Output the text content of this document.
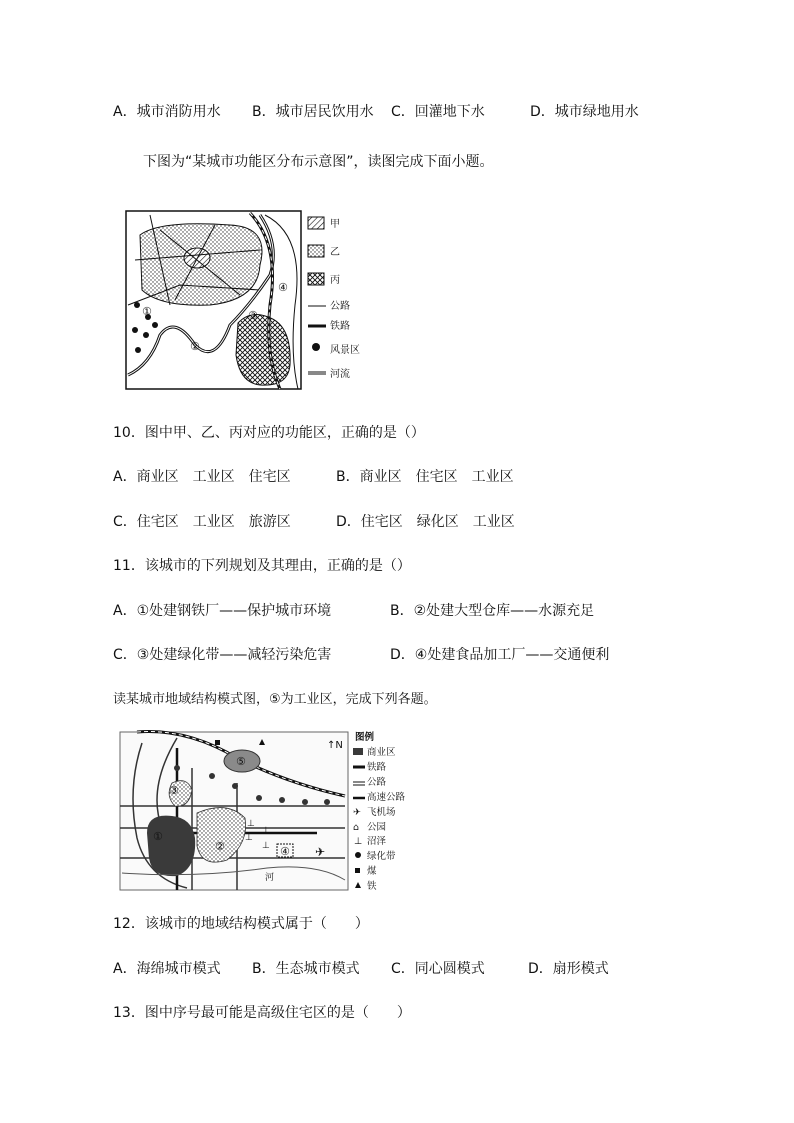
A．城市消防用水 B．城市居民饮用水 C．回灌地下水	D．城市绿地用水
下图为“某城市功能区分布示意图”，读图完成下面小题。
①
②
③
④
甲
乙
丙
公路
铁路
风景区
河流
10．图中甲、乙、丙对应的功能区，正确的是（）
A．商业区　工业区　住宅区	B．商业区　住宅区　工业区
C．住宅区　工业区　旅游区	D．住宅区　绿化区　工业区
11．该城市的下列规划及其理由，正确的是（）
A．①处建钢铁厂——保护城市环境	B．②处建大型仓库——水源充足
C．③处建绿化带——减轻污染危害	D．④处建食品加工厂——交通便利
读某城市地域结构模式图，⑤为工业区，完成下列各题。
⊥
⊥
⊥
⊥	✈
↑N
①
②
③
④
⑤
河
图例
商业区
铁路
公路
高速公路
✈ 飞机场
⌂ 公园
⊥ 沼泽
绿化带
煤
铁
12．该城市的地域结构模式属于（　　）
A．海绵城市模式 B．生态城市模式 C．同心圆模式	D．扇形模式
13．图中序号最可能是高级住宅区的是（　　）
